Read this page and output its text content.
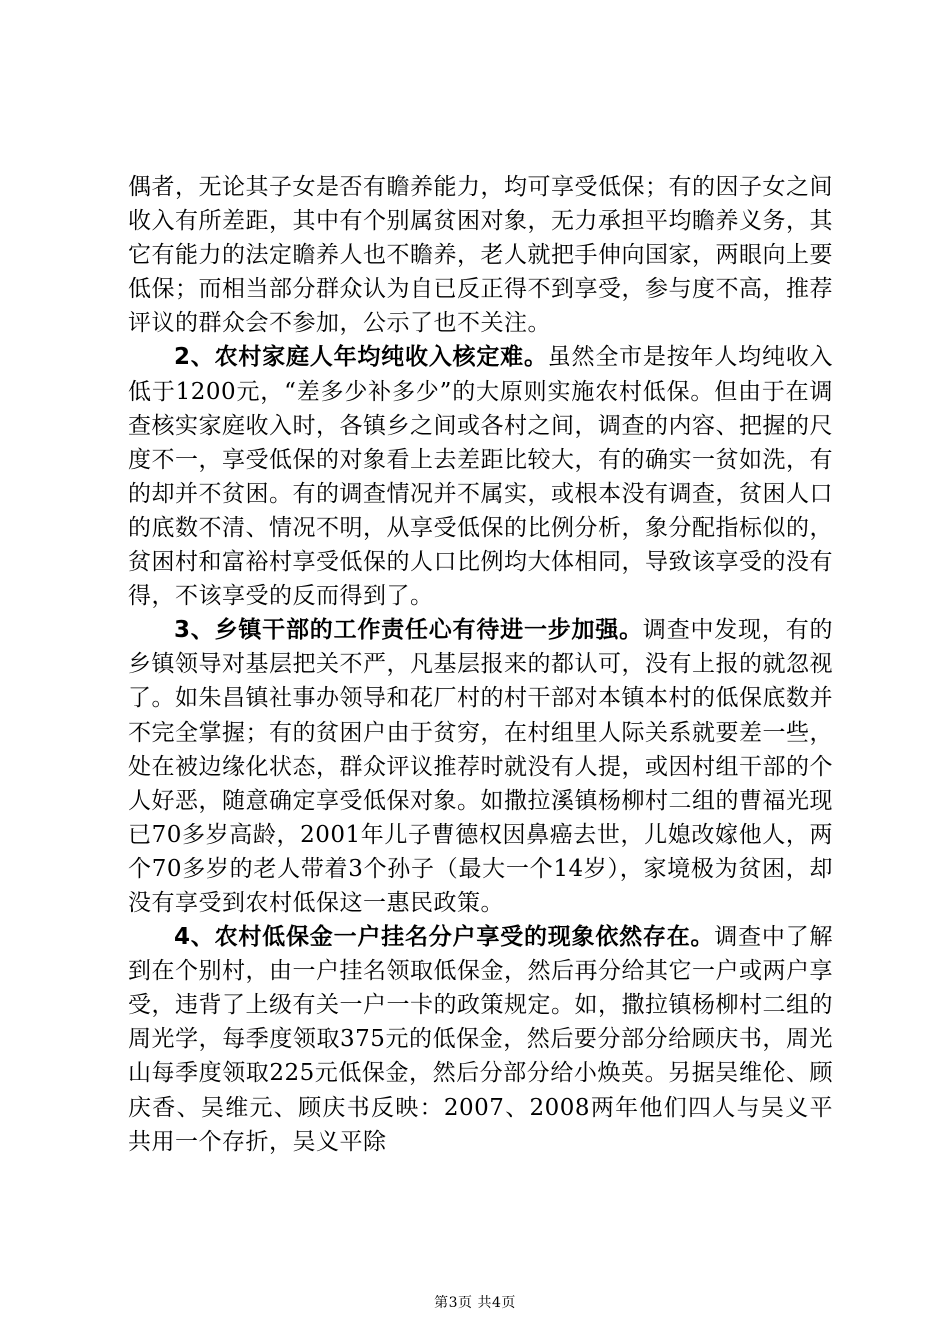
偶者，无论其子女是否有瞻养能力，均可享受低保；有的因子女之间收入有所差距，其中有个别属贫困对象，无力承担平均瞻养义务，其它有能力的法定瞻养人也不瞻养，老人就把手伸向国家，两眼向上要低保；而相当部分群众认为自已反正得不到享受，参与度不高，推荐评议的群众会不参加，公示了也不关注。

2、农村家庭人年均纯收入核定难。虽然全市是按年人均纯收入低于1200元，“差多少补多少”的大原则实施农村低保。但由于在调查核实家庭收入时，各镇乡之间或各村之间，调查的内容、把握的尺度不一，享受低保的对象看上去差距比较大，有的确实一贫如洗，有的却并不贫困。有的调查情况并不属实，或根本没有调查，贫困人口的底数不清、情况不明，从享受低保的比例分析，象分配指标似的，贫困村和富裕村享受低保的人口比例均大体相同，导致该享受的没有得，不该享受的反而得到了。

3、乡镇干部的工作责任心有待进一步加强。调查中发现，有的乡镇领导对基层把关不严，凡基层报来的都认可，没有上报的就忽视了。如朱昌镇社事办领导和花厂村的村干部对本镇本村的低保底数并不完全掌握；有的贫困户由于贫穷，在村组里人际关系就要差一些，处在被边缘化状态，群众评议推荐时就没有人提，或因村组干部的个人好恶，随意确定享受低保对象。如撒拉溪镇杨柳村二组的曹福光现已70多岁高龄，2001年儿子曹德权因鼻癌去世，儿媳改嫁他人，两个70多岁的老人带着3个孙子（最大一个14岁），家境极为贫困，却没有享受到农村低保这一惠民政策。

4、农村低保金一户挂名分户享受的现象依然存在。调查中了解到在个别村，由一户挂名领取低保金，然后再分给其它一户或两户享受，违背了上级有关一户一卡的政策规定。如，撒拉镇杨柳村二组的周光学，每季度领取375元的低保金，然后要分部分给顾庆书，周光山每季度领取225元低保金，然后分部分给小焕英。另据吴维伦、顾庆香、吴维元、顾庆书反映：2007、2008两年他们四人与吴义平共用一个存折，吴义平除

第3页 共4页
